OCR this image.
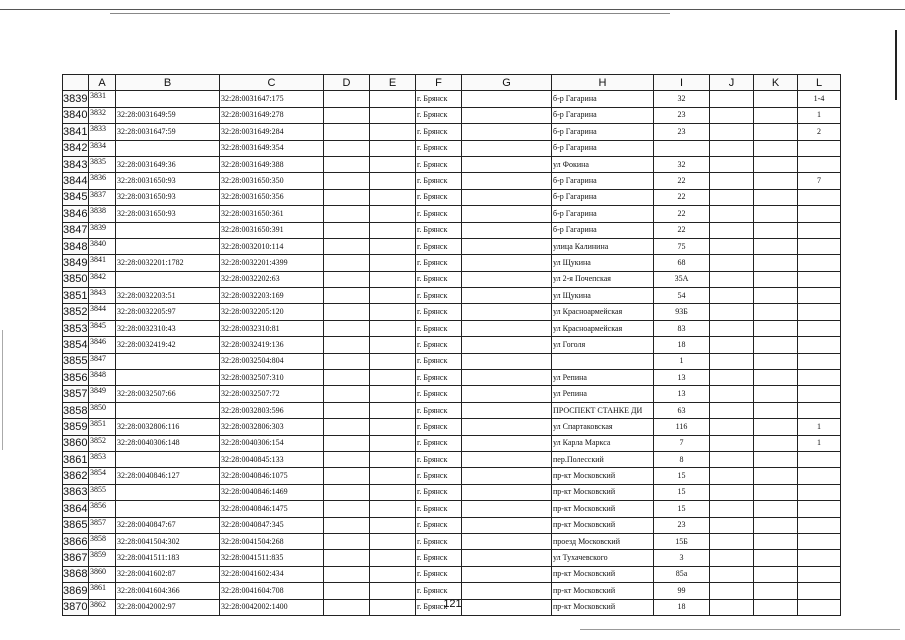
	A	B	C	D	E	F	G	H	I	J	K	L
3839	3831		32:28:0031647:175			г. Брянск		б-р Гагарина	32			1-4
3840	3832	32:28:0031649:59	32:28:0031649:278			г. Брянск		б-р Гагарина	23			1
3841	3833	32:28:0031647:59	32:28:0031649:284			г. Брянск		б-р Гагарина	23			2
3842	3834		32:28:0031649:354			г. Брянск		б-р Гагарина				
3843	3835	32:28:0031649:36	32:28:0031649:388			г. Брянск		ул Фокина	32			
3844	3836	32:28:0031650:93	32:28:0031650:350			г. Брянск		б-р Гагарина	22			7
3845	3837	32:28:0031650:93	32:28:0031650:356			г. Брянск		б-р Гагарина	22			
3846	3838	32:28:0031650:93	32:28:0031650:361			г. Брянск		б-р Гагарина	22			
3847	3839		32:28:0031650:391			г. Брянск		б-р Гагарина	22			
3848	3840		32:28:0032010:114			г. Брянск		улица Калинина	75			
3849	3841	32:28:0032201:1782	32:28:0032201:4399			г. Брянск		ул Щукина	68			
3850	3842		32:28:0032202:63			г. Брянск		ул 2-я Почепская	35А			
3851	3843	32:28:0032203:51	32:28:0032203:169			г. Брянск		ул Щукина	54			
3852	3844	32:28:0032205:97	32:28:0032205:120			г. Брянск		ул Красноармейская	93Б			
3853	3845	32:28:0032310:43	32:28:0032310:81			г. Брянск		ул Красноармейская	83			
3854	3846	32:28:0032419:42	32:28:0032419:136			г. Брянск		ул Гоголя	18			
3855	3847		32:28:0032504:804			г. Брянск			1			
3856	3848		32:28:0032507:310			г. Брянск		ул Репина	13			
3857	3849	32:28:0032507:66	32:28:0032507:72			г. Брянск		ул Репина	13			
3858	3850		32:28:0032803:596			г. Брянск		ПРОСПЕКТ СТАНКЕ ДИ	63			
3859	3851	32:28:0032806:116	32:28:0032806:303			г. Брянск		ул Спартаковская	116			1
3860	3852	32:28:0040306:148	32:28:0040306:154			г. Брянск		ул Карла Маркса	7			1
3861	3853		32:28:0040845:133			г. Брянск		пер.Полесский	8			
3862	3854	32:28:0040846:127	32:28:0040846:1075			г. Брянск		пр-кт Московский	15			
3863	3855		32:28:0040846:1469			г. Брянск		пр-кт Московский	15			
3864	3856		32:28:0040846:1475			г. Брянск		пр-кт Московский	15			
3865	3857	32:28:0040847:67	32:28:0040847:345			г. Брянск		пр-кт Московский	23			
3866	3858	32:28:0041504:302	32:28:0041504:268			г. Брянск		проезд Московский	15Б			
3867	3859	32:28:0041511:183	32:28:0041511:835			г. Брянск		ул Тухачевского	3			
3868	3860	32:28:0041602:87	32:28:0041602:434			г. Брянск		пр-кт Московский	85а			
3869	3861	32:28:0041604:366	32:28:0041604:708			г. Брянск		пр-кт Московский	99			
3870	3862	32:28:0042002:97	32:28:0042002:1400			г. Брянск		пр-кт Московский	18			
121
